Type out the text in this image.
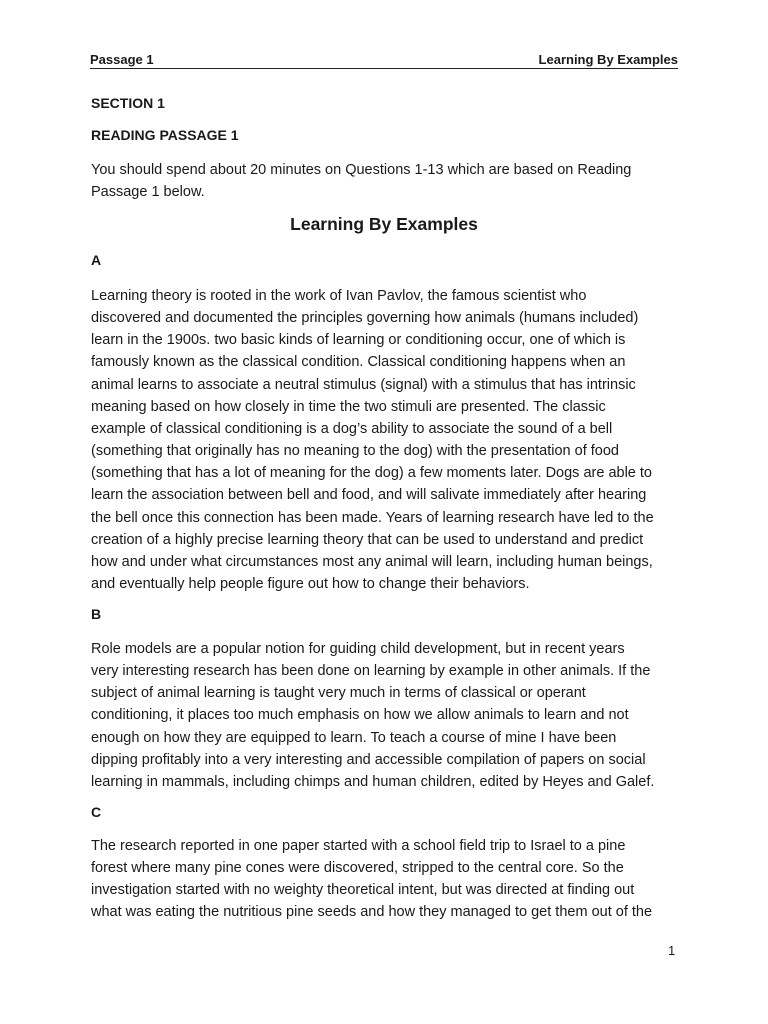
Passage 1	Learning By Examples
SECTION 1
READING PASSAGE 1
You should spend about 20 minutes on Questions 1-13 which are based on Reading
Passage 1 below.
Learning By Examples
A
Learning theory is rooted in the work of Ivan Pavlov, the famous scientist who
discovered and documented the principles governing how animals (humans included)
learn in the 1900s. two basic kinds of learning or conditioning occur, one of which is
famously known as the classical condition. Classical conditioning happens when an
animal learns to associate a neutral stimulus (signal) with a stimulus that has intrinsic
meaning based on how closely in time the two stimuli are presented. The classic
example of classical conditioning is a dog’s ability to associate the sound of a bell
(something that originally has no meaning to the dog) with the presentation of food
(something that has a lot of meaning for the dog) a few moments later. Dogs are able to
learn the association between bell and food, and will salivate immediately after hearing
the bell once this connection has been made. Years of learning research have led to the
creation of a highly precise learning theory that can be used to understand and predict
how and under what circumstances most any animal will learn, including human beings,
and eventually help people figure out how to change their behaviors.
B
Role models are a popular notion for guiding child development, but in recent years
very interesting research has been done on learning by example in other animals. If the
subject of animal learning is taught very much in terms of classical or operant
conditioning, it places too much emphasis on how we allow animals to learn and not
enough on how they are equipped to learn. To teach a course of mine I have been
dipping profitably into a very interesting and accessible compilation of papers on social
learning in mammals, including chimps and human children, edited by Heyes and Galef.
C
The research reported in one paper started with a school field trip to Israel to a pine
forest where many pine cones were discovered, stripped to the central core. So the
investigation started with no weighty theoretical intent, but was directed at finding out
what was eating the nutritious pine seeds and how they managed to get them out of the
1
